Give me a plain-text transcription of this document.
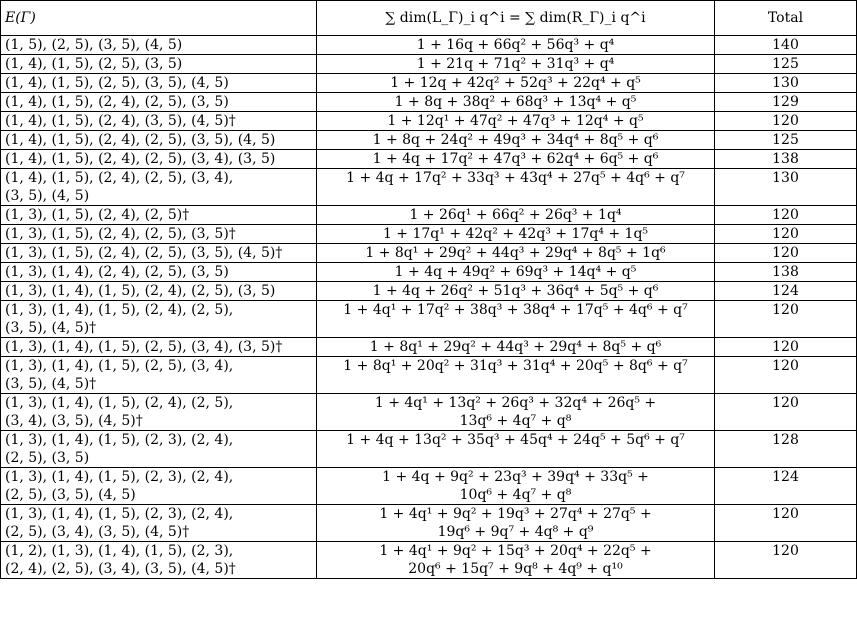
E(Γ)	∑ dim(L_Γ)_i q^i = ∑ dim(R_Γ)_i q^i	Total

(1, 5), (2, 5), (3, 5), (4, 5)	1 + 16q + 66q² + 56q³ + q⁴	140

(1, 4), (1, 5), (2, 5), (3, 5)	1 + 21q + 71q² + 31q³ + q⁴	125

(1, 4), (1, 5), (2, 5), (3, 5), (4, 5)	1 + 12q + 42q² + 52q³ + 22q⁴ + q⁵	130

(1, 4), (1, 5), (2, 4), (2, 5), (3, 5)	1 + 8q + 38q² + 68q³ + 13q⁴ + q⁵	129

(1, 4), (1, 5), (2, 4), (3, 5), (4, 5)†	1 + 12q¹ + 47q² + 47q³ + 12q⁴ + q⁵	120

(1, 4), (1, 5), (2, 4), (2, 5), (3, 5), (4, 5)	1 + 8q + 24q² + 49q³ + 34q⁴ + 8q⁵ + q⁶	125

(1, 4), (1, 5), (2, 4), (2, 5), (3, 4), (3, 5)	1 + 4q + 17q² + 47q³ + 62q⁴ + 6q⁵ + q⁶	138

(1, 4), (1, 5), (2, 4), (2, 5), (3, 4),
(3, 5), (4, 5)	1 + 4q + 17q² + 33q³ + 43q⁴ + 27q⁵ + 4q⁶ + q⁷	130

(1, 3), (1, 5), (2, 4), (2, 5)†	1 + 26q¹ + 66q² + 26q³ + 1q⁴	120

(1, 3), (1, 5), (2, 4), (2, 5), (3, 5)†	1 + 17q¹ + 42q² + 42q³ + 17q⁴ + 1q⁵	120

(1, 3), (1, 5), (2, 4), (2, 5), (3, 5), (4, 5)†	1 + 8q¹ + 29q² + 44q³ + 29q⁴ + 8q⁵ + 1q⁶	120

(1, 3), (1, 4), (2, 4), (2, 5), (3, 5)	1 + 4q + 49q² + 69q³ + 14q⁴ + q⁵	138

(1, 3), (1, 4), (1, 5), (2, 4), (2, 5), (3, 5)	1 + 4q + 26q² + 51q³ + 36q⁴ + 5q⁵ + q⁶	124

(1, 3), (1, 4), (1, 5), (2, 4), (2, 5),
(3, 5), (4, 5)†	1 + 4q¹ + 17q² + 38q³ + 38q⁴ + 17q⁵ + 4q⁶ + q⁷	120

(1, 3), (1, 4), (1, 5), (2, 5), (3, 4), (3, 5)†	1 + 8q¹ + 29q² + 44q³ + 29q⁴ + 8q⁵ + q⁶	120

(1, 3), (1, 4), (1, 5), (2, 5), (3, 4),
(3, 5), (4, 5)†	1 + 8q¹ + 20q² + 31q³ + 31q⁴ + 20q⁵ + 8q⁶ + q⁷	120

(1, 3), (1, 4), (1, 5), (2, 4), (2, 5),
(3, 4), (3, 5), (4, 5)†	1 + 4q¹ + 13q² + 26q³ + 32q⁴ + 26q⁵ +
13q⁶ + 4q⁷ + q⁸	120

(1, 3), (1, 4), (1, 5), (2, 3), (2, 4),
(2, 5), (3, 5)	1 + 4q + 13q² + 35q³ + 45q⁴ + 24q⁵ + 5q⁶ + q⁷	128

(1, 3), (1, 4), (1, 5), (2, 3), (2, 4),
(2, 5), (3, 5), (4, 5)	1 + 4q + 9q² + 23q³ + 39q⁴ + 33q⁵ +
10q⁶ + 4q⁷ + q⁸	124

(1, 3), (1, 4), (1, 5), (2, 3), (2, 4),
(2, 5), (3, 4), (3, 5), (4, 5)†	1 + 4q¹ + 9q² + 19q³ + 27q⁴ + 27q⁵ +
19q⁶ + 9q⁷ + 4q⁸ + q⁹	120

(1, 2), (1, 3), (1, 4), (1, 5), (2, 3),
(2, 4), (2, 5), (3, 4), (3, 5), (4, 5)†	1 + 4q¹ + 9q² + 15q³ + 20q⁴ + 22q⁵ +
20q⁶ + 15q⁷ + 9q⁸ + 4q⁹ + q¹⁰	120
